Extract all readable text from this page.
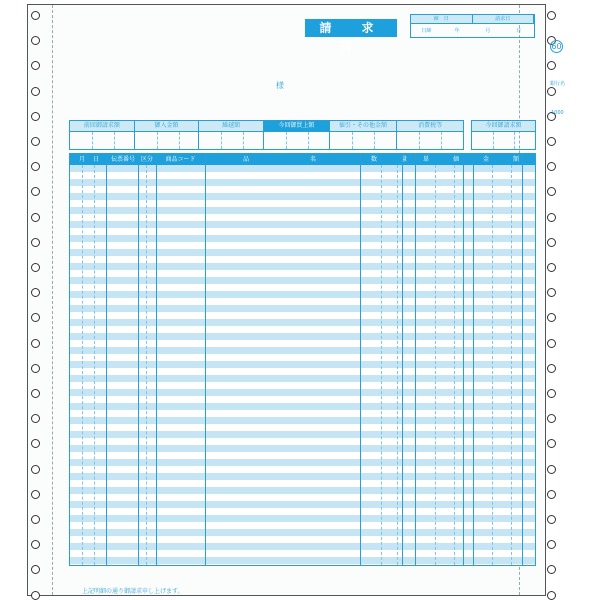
請　求　書
締　日	請求日
日締	年	月	日
様
前回御請求額	御入金額	繰越額	今回御買上額	値引・その他金額	消費税等	今回御請求額
月	日	伝票番号 区分	商品コード	品	名	数	量	単	価	金	額
上記明細の通り御請求申し上げます。
60
銀行名
1000
